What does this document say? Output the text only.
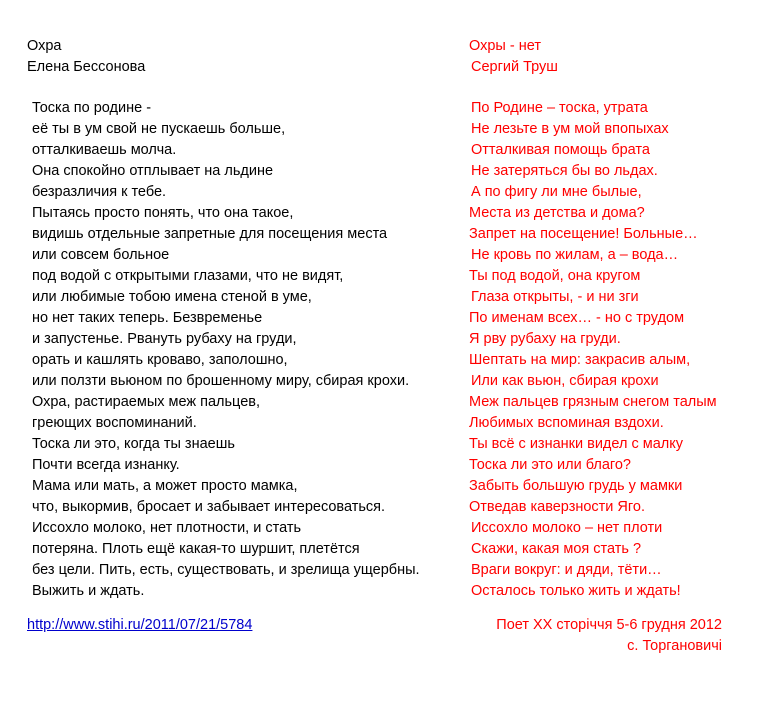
Охра
Елена Бессонова
Тоска по родине -
её ты в ум свой не пускаешь больше,
отталкиваешь молча.
Она спокойно отплывает на льдине
безразличия к тебе.
Пытаясь просто понять, что она такое,
видишь отдельные запретные для посещения места
или совсем больное
под водой с открытыми глазами, что не видят,
или любимые тобою имена стеной в уме,
но нет таких теперь. Безвременье
и запустенье. Рвануть рубаху на груди,
орать и кашлять кроваво, заполошно,
или ползти вьюном по брошенному миру, сбирая крохи.
Охра, растираемых меж пальцев,
греющих воспоминаний.
Тоска ли это, когда ты знаешь
Почти всегда изнанку.
Мама или мать, а может просто мамка,
что, выкормив, бросает и забывает интересоваться.
Иссохло молоко, нет плотности, и стать
потеряна. Плоть ещё какая-то шуршит, плетётся
без цели. Пить, есть, существовать, и зрелища ущербны.
Выжить и ждать.
Охры - нет
Сергий Труш
По Родине – тоска, утрата
Не лезьте в ум мой впопыхах
Отталкивая помощь брата
Не затеряться бы во льдах.
А по фигу ли мне былые,
Места из детства и дома?
Запрет на посещение! Больные…
Не кровь по жилам, а – вода…
Ты под водой, она кругом
Глаза открыты, - и ни зги
По именам всех… - но с трудом
Я рву рубаху на груди.
Шептать на мир: закрасив алым,
Или как вьюн, сбирая крохи
Меж пальцев грязным снегом талым
Любимых вспоминая вздохи.
Ты всё с изнанки видел с малку
Тоска ли это или благо?
Забыть большую грудь у мамки
Отведав каверзности Яго.
Иссохло молоко – нет плоти
Скажи, какая моя стать ?
Враги вокруг: и дяди, тёти…
Осталось только жить и ждать!
http://www.stihi.ru/2011/07/21/5784	Поет ХХ сторіччя 5-6 грудня 2012
с. Торгановичі
